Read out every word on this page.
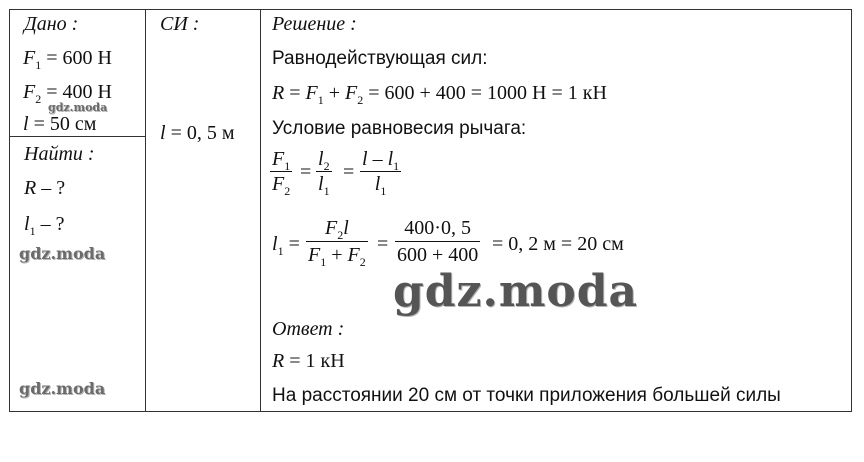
Дано :
$F_1 = 600$ Н
$F_2 = 400$ Н
l = 50 см
Найти :
R – ?
$l_1$ – ?
СИ :
l = 0, 5 м
Решение :
Равнодействующая сил:
$R = F_1 + F_2 = 600 + 400 = 1000$ Н = 1 кН
Условие равновесия рычага:
$F_1$
$F_2$
=
$l_2$
$l_1$
=
l – $l_1$
$l_1$
$l_1$ =
$F_2l$
$F_1 + F_2$
=
400·0, 5
600 + 400 = 0, 2 м = 20 см
Ответ :
R = 1 кН
На расстоянии 20 см от точки приложения большей силы
gdz.moda
gdz.moda
gdz.moda
gdz.moda
